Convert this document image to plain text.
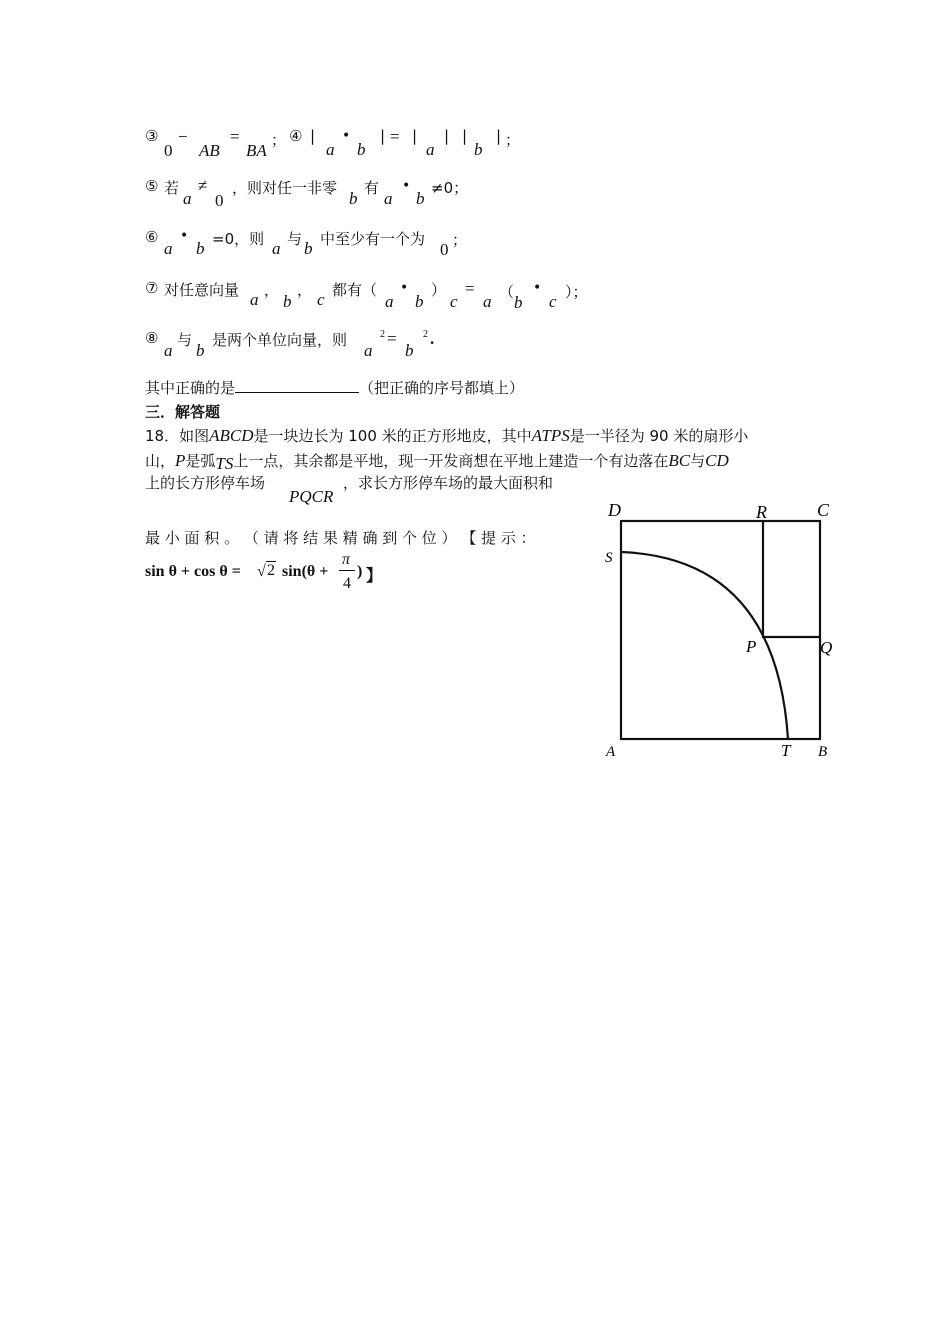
③
0
−
AB
=
BA
； ④ |
a
•
b
| = |
a
| |
b
| ；
⑤ 若
a
≠
0
，则对任一非零
b
有
a
•
b
≠0；
⑥
a
•
b =0，则 a 与 b 中至少有一个为
0 ；
⑦ 对任意向量 a ，
b
， c 都有（
a
•
b
）
c
=
a （
b
•
c ）；
⑧
a
与
b
是两个单位向量，则
a
2 =
b
2 .
其中正确的是	（把正确的序号都填上）
三．解答题
18．如图ABCD是一块边长为 100 米的正方形地皮，其中ATPS是一半径为 90 米的扇形小
山，P是弧TS上一点，其余都是平地，现一开发商想在平地上建造一个有边落在BC与CD
上的长方形停车场
PQCR
，求长方形停车场的最大面积和
最 小 面 积 。 （ 请 将 结 果 精 确 到 个 位 ） 【 提 示 ：
sin θ + cos θ = √ 2 sin(θ +
π
4
) 】
D	R	C
S
P	Q
A	T B
